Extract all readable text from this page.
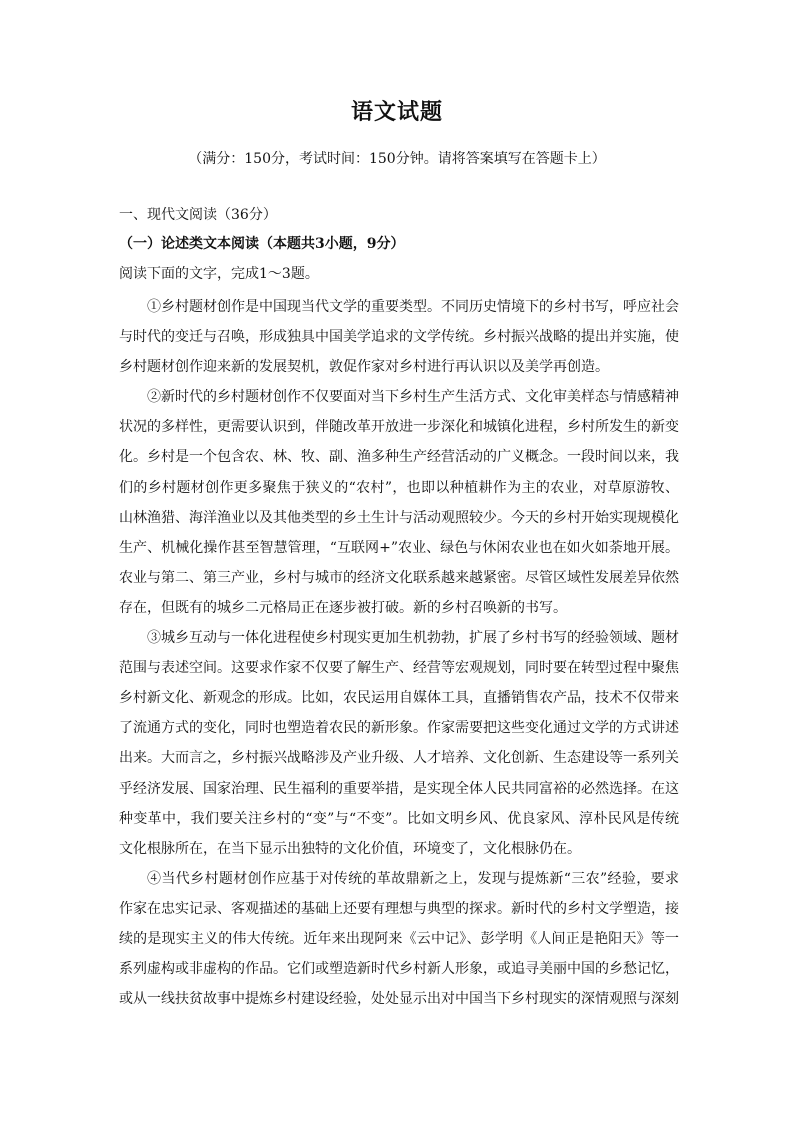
语文试题
（满分：150分，考试时间：150分钟。请将答案填写在答题卡上）
一、现代文阅读（36分）
（一）论述类文本阅读（本题共3小题，9分）
阅读下面的文字，完成1～3题。

①乡村题材创作是中国现当代文学的重要类型。不同历史情境下的乡村书写，呼应社会与时代的变迁与召唤，形成独具中国美学追求的文学传统。乡村振兴战略的提出并实施，使乡村题材创作迎来新的发展契机，敦促作家对乡村进行再认识以及美学再创造。

②新时代的乡村题材创作不仅要面对当下乡村生产生活方式、文化审美样态与情感精神状况的多样性，更需要认识到，伴随改革开放进一步深化和城镇化进程，乡村所发生的新变化。乡村是一个包含农、林、牧、副、渔多种生产经营活动的广义概念。一段时间以来，我们的乡村题材创作更多聚焦于狭义的“农村”，也即以种植耕作为主的农业，对草原游牧、山林渔猎、海洋渔业以及其他类型的乡土生计与活动观照较少。今天的乡村开始实现规模化生产、机械化操作甚至智慧管理，“互联网+”农业、绿色与休闲农业也在如火如荼地开展。农业与第二、第三产业，乡村与城市的经济文化联系越来越紧密。尽管区域性发展差异依然存在，但既有的城乡二元格局正在逐步被打破。新的乡村召唤新的书写。

③城乡互动与一体化进程使乡村现实更加生机勃勃，扩展了乡村书写的经验领域、题材范围与表述空间。这要求作家不仅要了解生产、经营等宏观规划，同时要在转型过程中聚焦乡村新文化、新观念的形成。比如，农民运用自媒体工具，直播销售农产品，技术不仅带来了流通方式的变化，同时也塑造着农民的新形象。作家需要把这些变化通过文学的方式讲述出来。大而言之，乡村振兴战略涉及产业升级、人才培养、文化创新、生态建设等一系列关乎经济发展、国家治理、民生福利的重要举措，是实现全体人民共同富裕的必然选择。在这种变革中，我们要关注乡村的“变”与“不变”。比如文明乡风、优良家风、淳朴民风是传统文化根脉所在，在当下显示出独特的文化价值，环境变了，文化根脉仍在。

④当代乡村题材创作应基于对传统的革故鼎新之上，发现与提炼新“三农”经验，要求作家在忠实记录、客观描述的基础上还要有理想与典型的探求。新时代的乡村文学塑造，接续的是现实主义的伟大传统。近年来出现阿来《云中记》、彭学明《人间正是艳阳天》等一系列虚构或非虚构的作品。它们或塑造新时代乡村新人形象，或追寻美丽中国的乡愁记忆，或从一线扶贫故事中提炼乡村建设经验，处处显示出对中国当下乡村现实的深情观照与深刻
